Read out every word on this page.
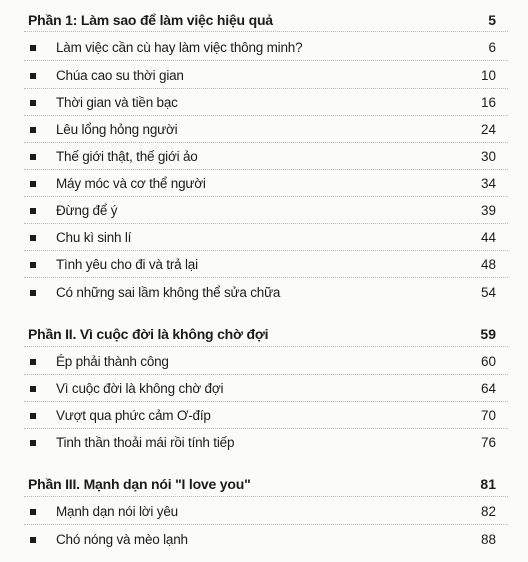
Phần 1: Làm sao để làm việc hiệu quả	5
Làm việc cần cù hay làm việc thông minh?	6
Chúa cao su thời gian	10
Thời gian và tiền bạc	16
Lêu lổng hỏng người	24
Thế giới thật, thế giới ảo	30
Máy móc và cơ thể người	34
Đừng để ý	39
Chu kì sinh lí	44
Tình yêu cho đi và trả lại	48
Có những sai lầm không thể sửa chữa	54
Phần II. Vì cuộc đời là không chờ đợi	59
Ép phải thành công	60
Vì cuộc đời là không chờ đợi	64
Vượt qua phức cảm Ơ-đíp	70
Tinh thần thoải mái rồi tính tiếp	76
Phần III. Mạnh dạn nói "I love you"	81
Mạnh dạn nói lời yêu	82
Chó nóng và mèo lạnh	88
